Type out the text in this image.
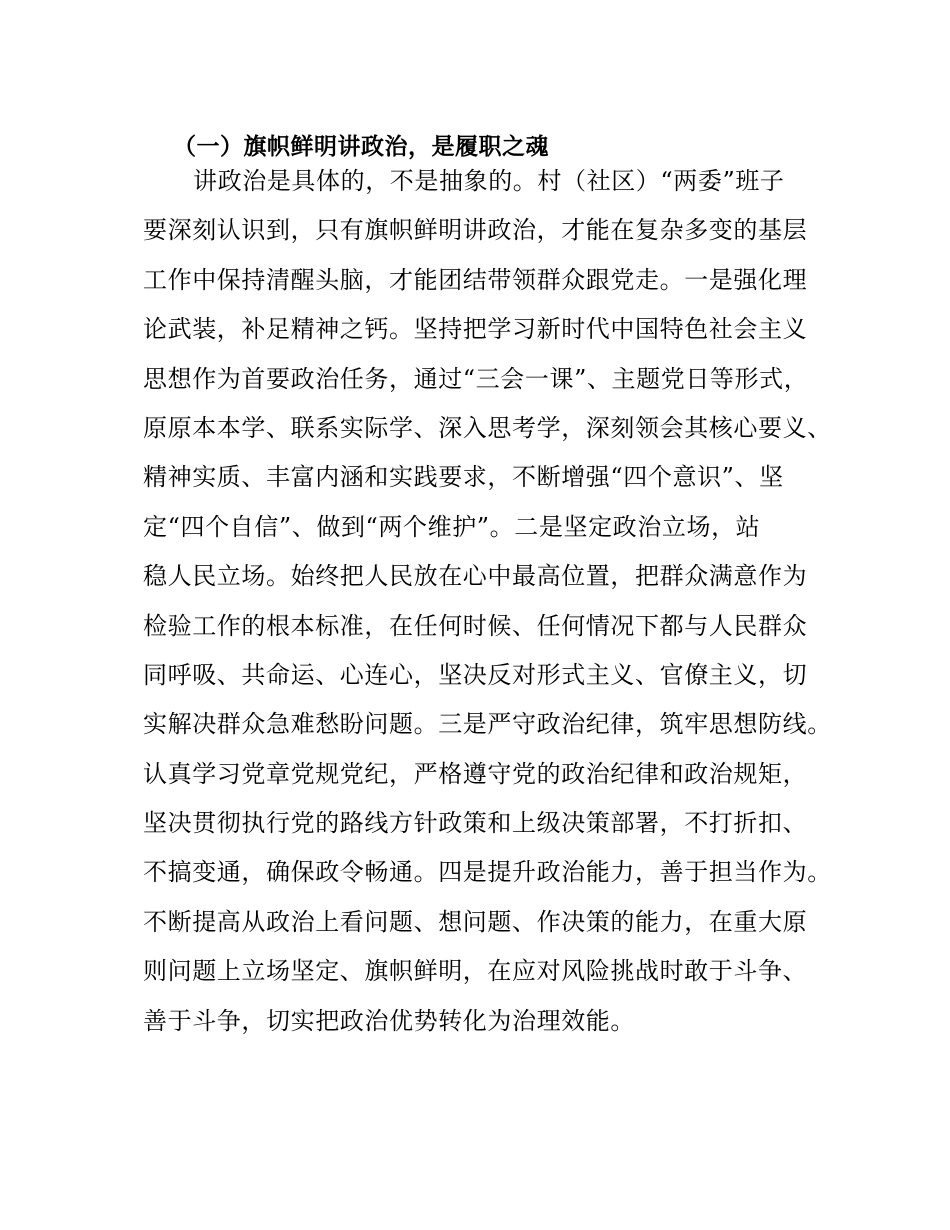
（一）旗帜鲜明讲政治，是履职之魂
讲政治是具体的，不是抽象的。村（社区）“两委”班子
要深刻认识到，只有旗帜鲜明讲政治，才能在复杂多变的基层
工作中保持清醒头脑，才能团结带领群众跟党走。一是强化理
论武装，补足精神之钙。坚持把学习新时代中国特色社会主义
思想作为首要政治任务，通过“三会一课”、主题党日等形式，
原原本本学、联系实际学、深入思考学，深刻领会其核心要义、
精神实质、丰富内涵和实践要求，不断增强“四个意识”、坚
定“四个自信”、做到“两个维护”。二是坚定政治立场，站
稳人民立场。始终把人民放在心中最高位置，把群众满意作为
检验工作的根本标准，在任何时候、任何情况下都与人民群众
同呼吸、共命运、心连心，坚决反对形式主义、官僚主义，切
实解决群众急难愁盼问题。三是严守政治纪律，筑牢思想防线。
认真学习党章党规党纪，严格遵守党的政治纪律和政治规矩，
坚决贯彻执行党的路线方针政策和上级决策部署，不打折扣、
不搞变通，确保政令畅通。四是提升政治能力，善于担当作为。
不断提高从政治上看问题、想问题、作决策的能力，在重大原
则问题上立场坚定、旗帜鲜明，在应对风险挑战时敢于斗争、
善于斗争，切实把政治优势转化为治理效能。
